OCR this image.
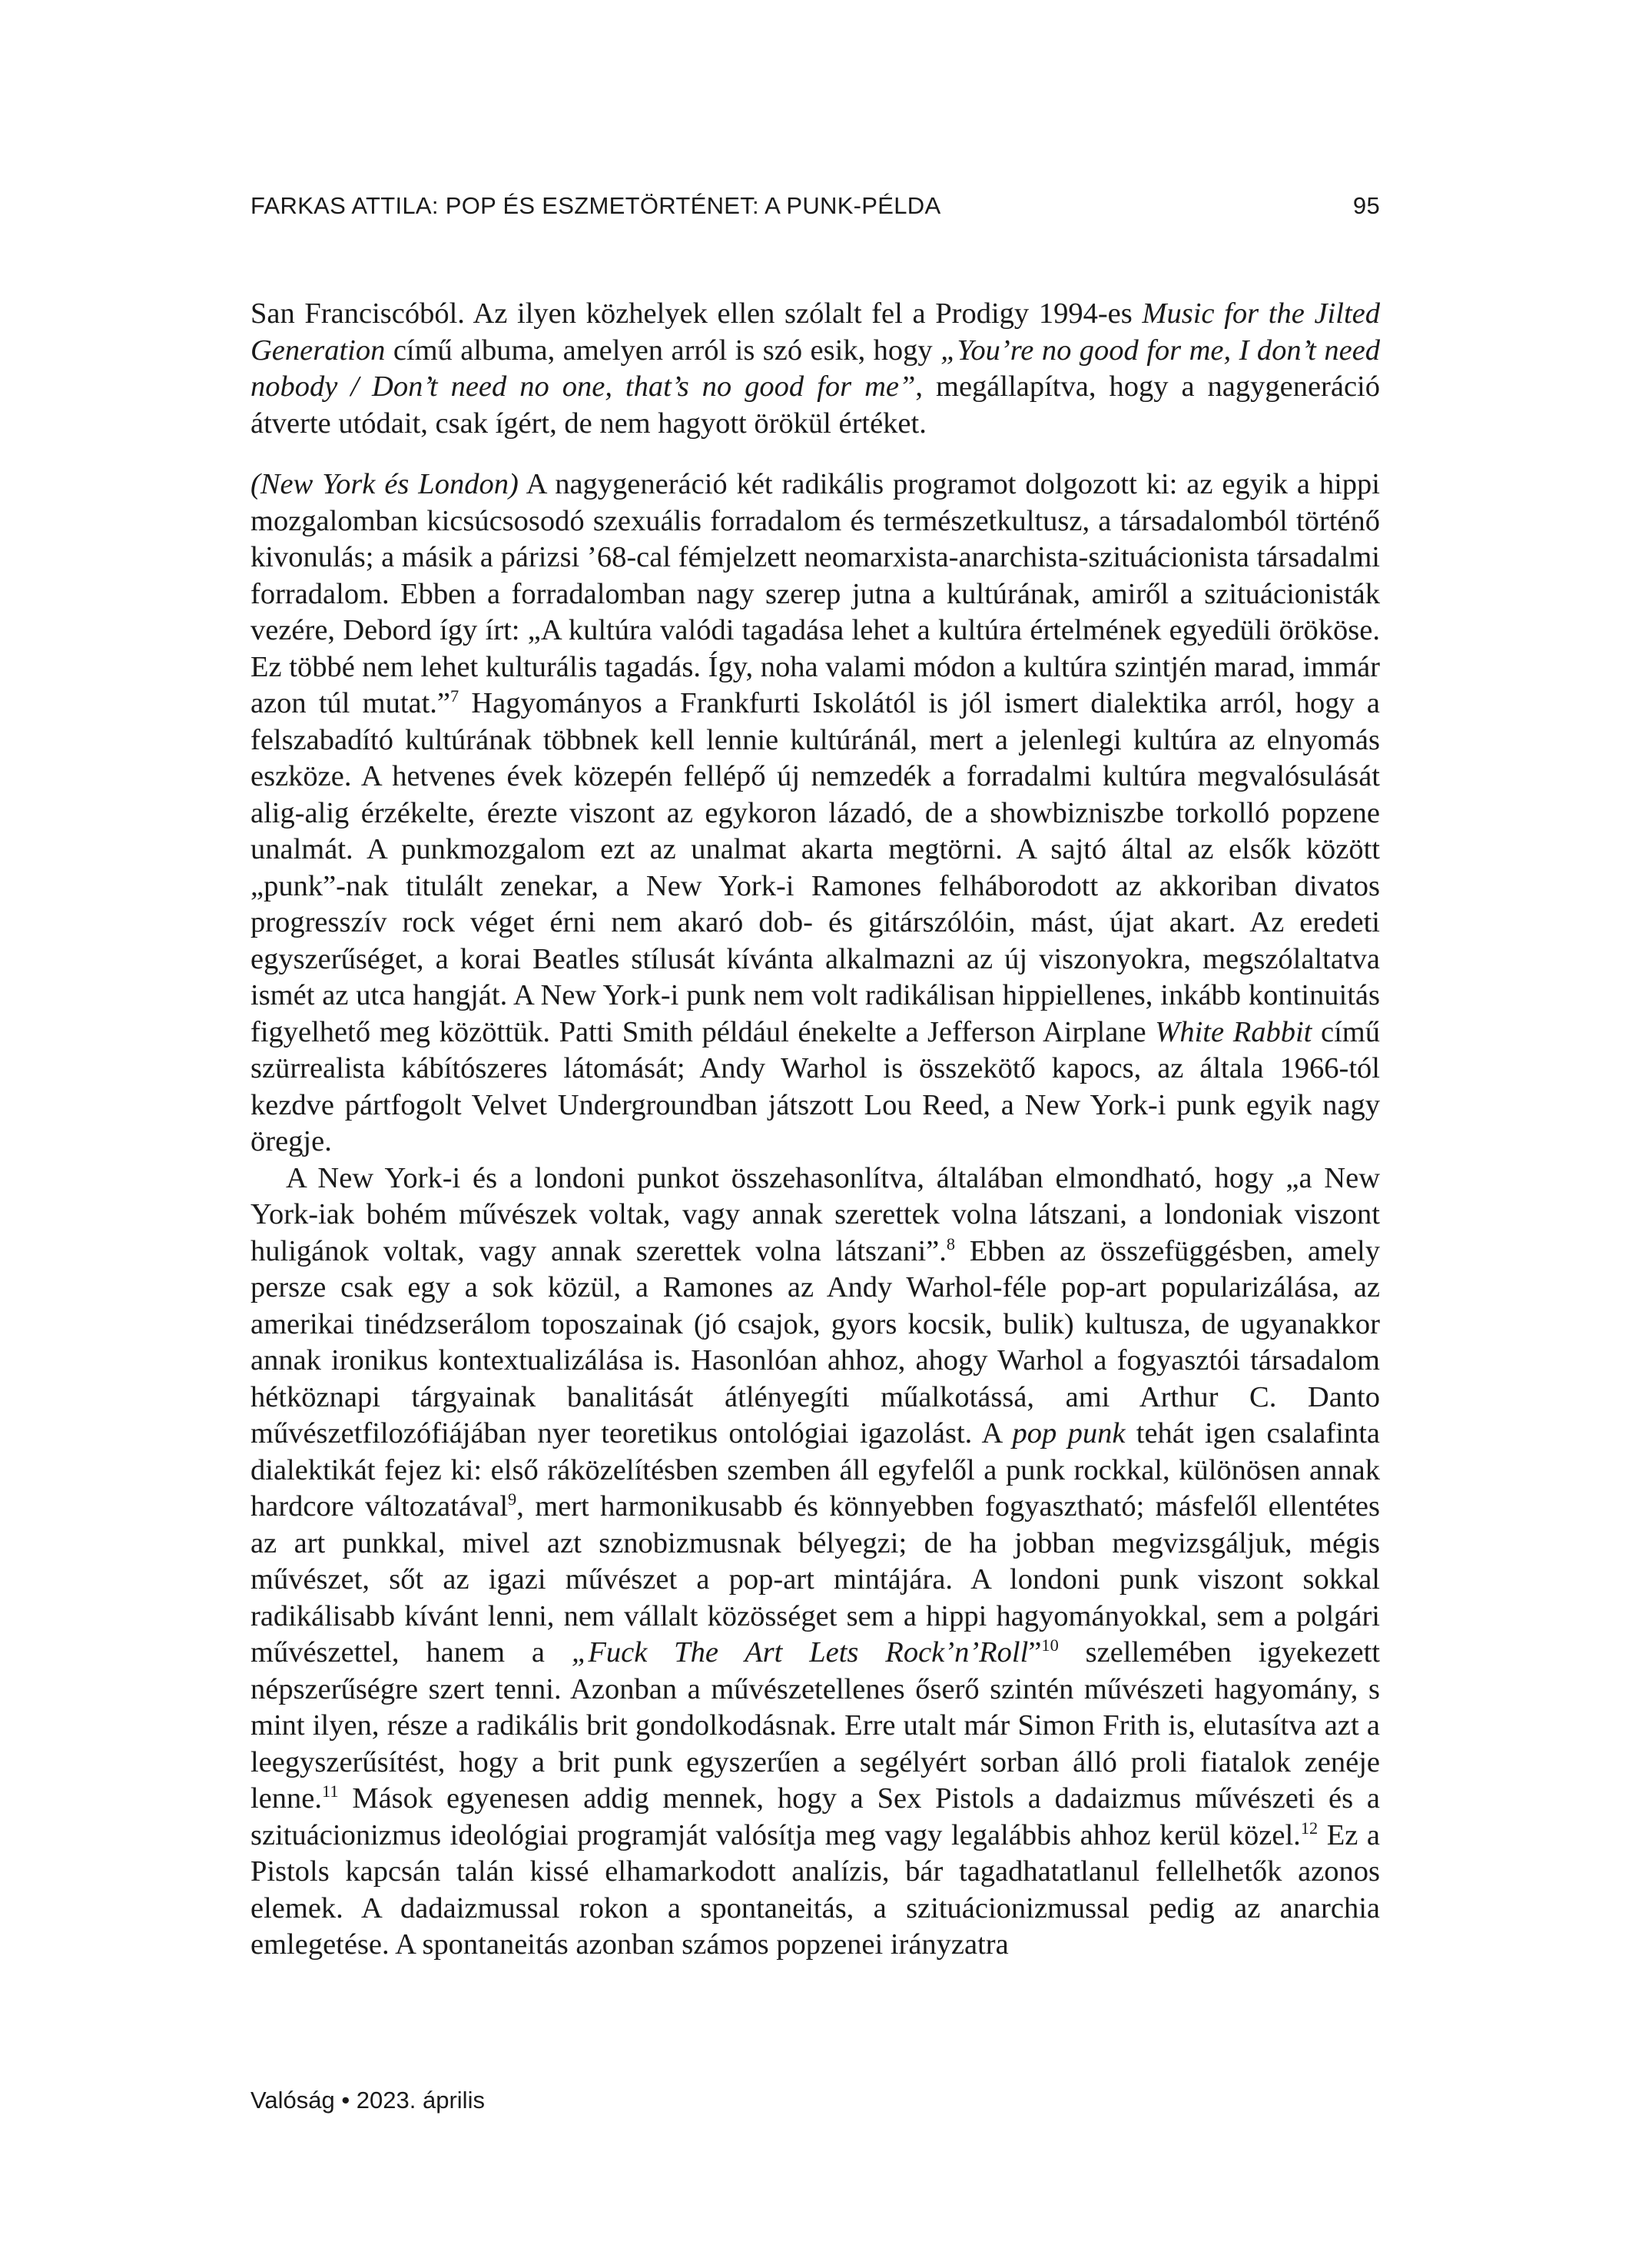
FARKAS ATTILA: POP ÉS ESZMETÖRTÉNET: A PUNK-PÉLDA	95

San Franciscóból. Az ilyen közhelyek ellen szólalt fel a Prodigy 1994-es Music for the Jilted Generation című albuma, amelyen arról is szó esik, hogy „You’re no good for me, I don’t need nobody / Don’t need no one, that’s no good for me”, megállapítva, hogy a nagygeneráció átverte utódait, csak ígért, de nem hagyott örökül értéket.

(New York és London) A nagygeneráció két radikális programot dolgozott ki: az egyik a hippi mozgalomban kicsúcsosodó szexuális forradalom és természetkultusz, a társadalomból történő kivonulás; a másik a párizsi ’68-cal fémjelzett neomarxista-anarchista-szituácionista társadalmi forradalom. Ebben a forradalomban nagy szerep jutna a kultúrának, amiről a szituácionisták vezére, Debord így írt: „A kultúra valódi tagadása lehet a kultúra értelmének egyedüli örököse. Ez többé nem lehet kulturális tagadás. Így, noha valami módon a kultúra szintjén marad, immár azon túl mutat.”$^7$ Hagyományos a Frankfurti Iskolától is jól ismert dialektika arról, hogy a felszabadító kultúrának többnek kell lennie kultúránál, mert a jelenlegi kultúra az elnyomás eszköze. A hetvenes évek közepén fellépő új nemzedék a forradalmi kultúra megvalósulását alig-alig érzékelte, érezte viszont az egykoron lázadó, de a showbizniszbe torkolló popzene unalmát. A punkmozgalom ezt az unalmat akarta megtörni. A sajtó által az elsők között „punk”-nak titulált zenekar, a New York-i Ramones felháborodott az akkoriban divatos progresszív rock véget érni nem akaró dob- és gitárszólóin, mást, újat akart. Az eredeti egyszerűséget, a korai Beatles stílusát kívánta alkalmazni az új viszonyokra, megszólaltatva ismét az utca hangját. A New York-i punk nem volt radikálisan hippiellenes, inkább kontinuitás figyelhető meg közöttük. Patti Smith például énekelte a Jefferson Airplane White Rabbit című szürrealista kábítószeres látomását; Andy Warhol is összekötő kapocs, az általa 1966-tól kezdve pártfogolt Velvet Undergroundban játszott Lou Reed, a New York-i punk egyik nagy öregje.

A New York-i és a londoni punkot összehasonlítva, általában elmondható, hogy „a New York-iak bohém művészek voltak, vagy annak szerettek volna látszani, a londoniak viszont huligánok voltak, vagy annak szerettek volna látszani”.$^8$ Ebben az összefüggésben, amely persze csak egy a sok közül, a Ramones az Andy Warhol-féle pop-art popularizálása, az amerikai tinédzserálom toposzainak (jó csajok, gyors kocsik, bulik) kultusza, de ugyanakkor annak ironikus kontextualizálása is. Hasonlóan ahhoz, ahogy Warhol a fogyasztói társadalom hétköznapi tárgyainak banalitását átlényegíti műalkotássá, ami Arthur C. Danto művészetfilozófiájában nyer teoretikus ontológiai igazolást. A pop punk tehát igen csalafinta dialektikát fejez ki: első ráközelítésben szemben áll egyfelől a punk rockkal, különösen annak hardcore változatával$^9$, mert harmonikusabb és könnyebben fogyasztható; másfelől ellentétes az art punkkal, mivel azt sznobizmusnak bélyegzi; de ha jobban megvizsgáljuk, mégis művészet, sőt az igazi művészet a pop-art mintájára. A londoni punk viszont sokkal radikálisabb kívánt lenni, nem vállalt közösséget sem a hippi hagyományokkal, sem a polgári művészettel, hanem a „Fuck The Art Lets Rock’n’Roll”$^{10}$ szellemében igyekezett népszerűségre szert tenni. Azonban a művészetellenes őserő szintén művészeti hagyomány, s mint ilyen, része a radikális brit gondolkodásnak. Erre utalt már Simon Frith is, elutasítva azt a leegyszerűsítést, hogy a brit punk egyszerűen a segélyért sorban álló proli fiatalok zenéje lenne.$^{11}$ Mások egyenesen addig mennek, hogy a Sex Pistols a dadaizmus művészeti és a szituácionizmus ideológiai programját valósítja meg vagy legalábbis ahhoz kerül közel.$^{12}$ Ez a Pistols kapcsán talán kissé elhamarkodott analízis, bár tagadhatatlanul fellelhetők azonos elemek. A dadaizmussal rokon a spontaneitás, a szituácionizmussal pedig az anarchia emlegetése. A spontaneitás azonban számos popzenei irányzatra

Valóság • 2023. április
